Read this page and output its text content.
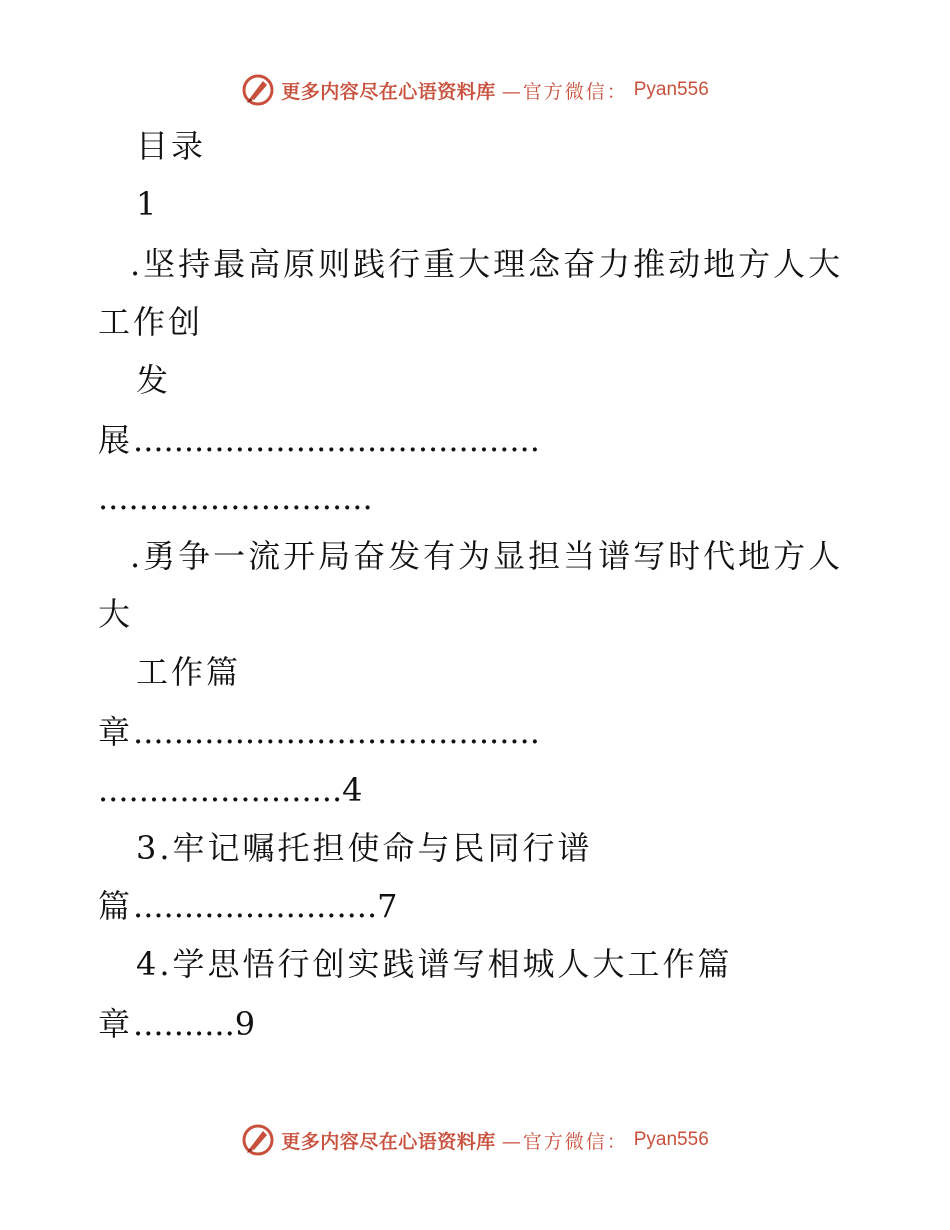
更多内容尽在心语资料库 —官方微信： Pyan556
目录
1
.坚持最高原则践行重大理念奋力推动地方人大
工作创
发
展........................................
...........................
.勇争一流开局奋发有为显担当谱写时代地方人
大
工作篇
章........................................
........................4
3.牢记嘱托担使命与民同行谱
篇........................7
4.学思悟行创实践谱写相城人大工作篇
章..........9
更多内容尽在心语资料库 —官方微信： Pyan556
